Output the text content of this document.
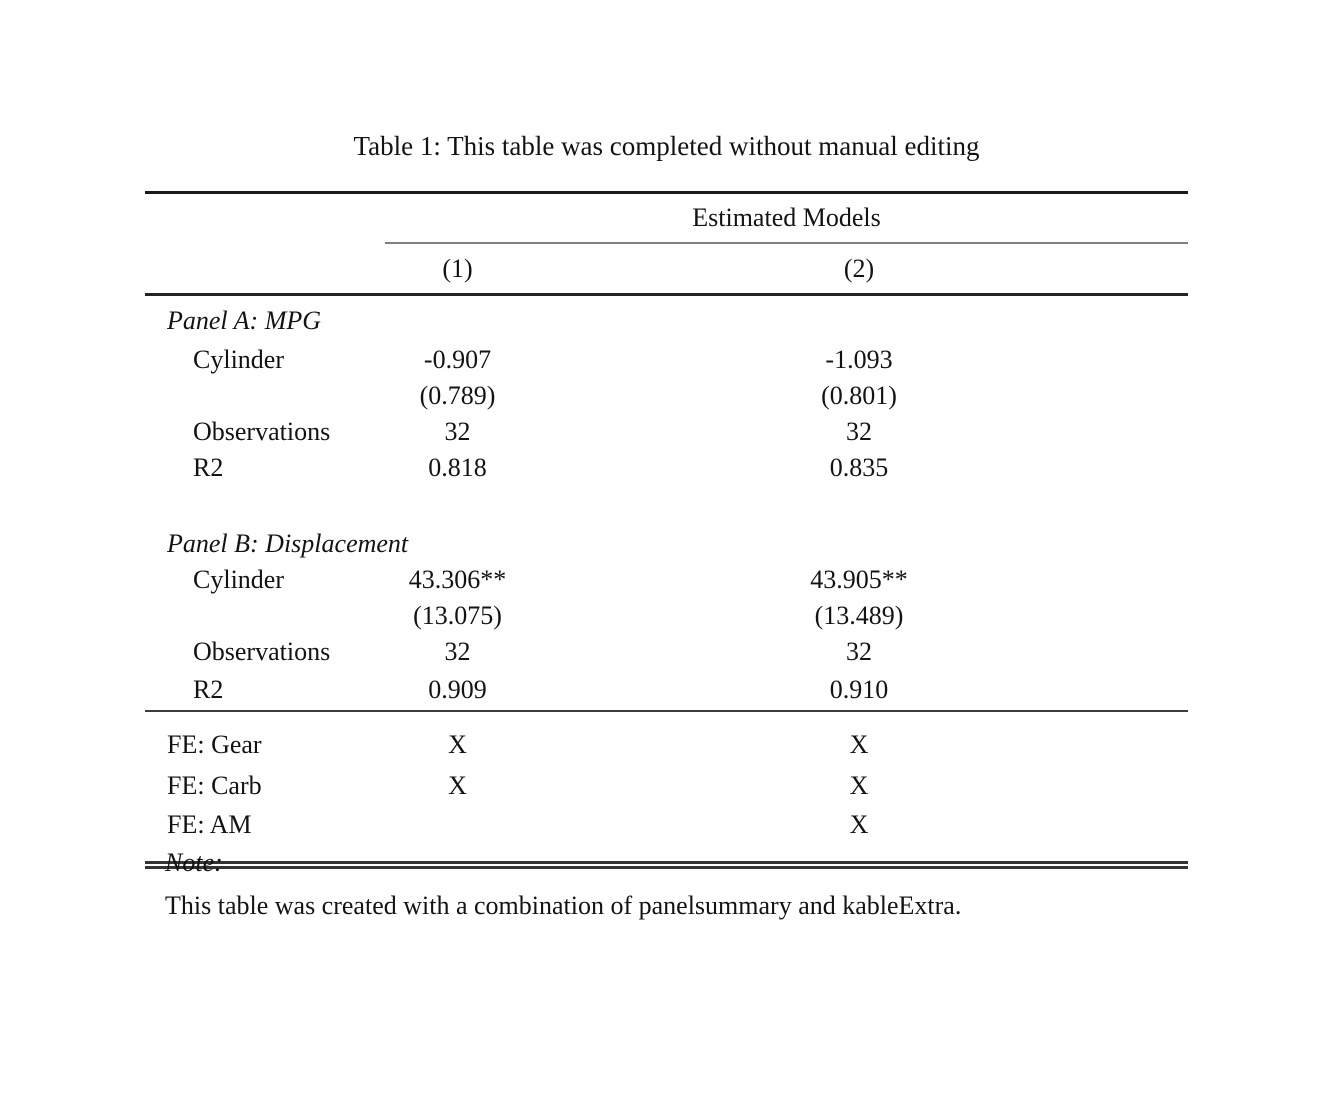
Table 1: This table was completed without manual editing
	Estimated Models	
	(1)	(2)
Panel A: MPG		
Cylinder	-0.907	-1.093
	(0.789)	(0.801)
Observations	32	32
R2	0.818	0.835

Panel B: Displacement		
Cylinder	43.306**	43.905**
	(13.075)	(13.489)
Observations	32	32
R2	0.909	0.910
FE: Gear	X	X
FE: Carb	X	X
FE: AM		X
Note:
This table was created with a combination of panelsummary and kableExtra.
